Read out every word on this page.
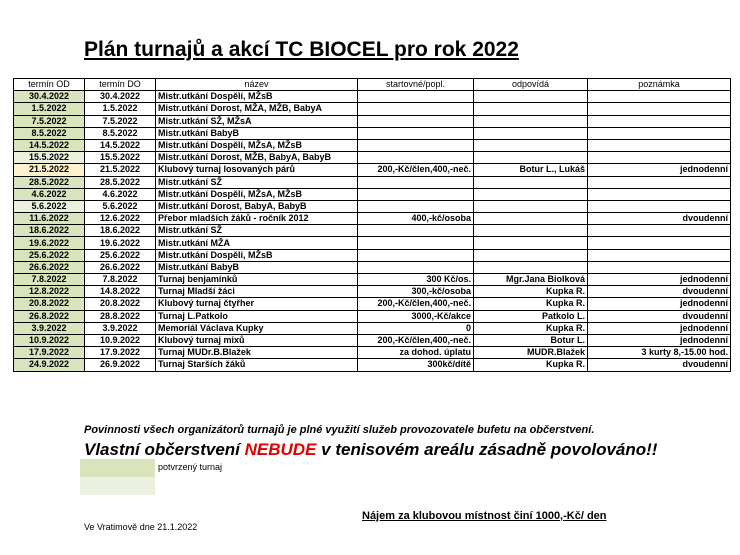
Plán turnajů a akcí TC BIOCEL pro rok 2022
termín OD	termín DO	název	startovné/popl.	odpovídá	poznámka
30.4.2022	30.4.2022	Mistr.utkání Dospělí, MŽsB			
1.5.2022	1.5.2022	Mistr.utkání Dorost, MŽA, MŽB, BabyA			
7.5.2022	7.5.2022	Mistr.utkání SŽ, MŽsA			
8.5.2022	8.5.2022	Mistr.utkání BabyB			
14.5.2022	14.5.2022	Mistr.utkání Dospělí, MŽsA, MŽsB			
15.5.2022	15.5.2022	Mistr.utkání Dorost, MŽB, BabyA, BabyB			
21.5.2022	21.5.2022	Klubový turnaj losovaných párů	200,-Kč/člen,400,-neč.	Botur L., Lukáš	jednodenní
28.5.2022	28.5.2022	Mistr.utkání SŽ			
4.6.2022	4.6.2022	Mistr.utkání Dospělí, MŽsA, MŽsB			
5.6.2022	5.6.2022	Mistr.utkání Dorost, BabyA, BabyB			
11.6.2022	12.6.2022	Přebor mladších žáků - ročník 2012	400,-kč/osoba		dvoudenní
18.6.2022	18.6.2022	Mistr.utkání SŽ			
19.6.2022	19.6.2022	Mistr.utkání MŽA			
25.6.2022	25.6.2022	Mistr.utkání Dospělí, MŽsB			
26.6.2022	26.6.2022	Mistr.utkání BabyB			
7.8.2022	7.8.2022	Turnaj benjamínků	300 Kč/os.	Mgr.Jana Biolková	jednodenní
12.8.2022	14.8.2022	Turnaj Mladší žáci	300,-kč/osoba	Kupka R.	dvoudenní
20.8.2022	20.8.2022	Klubový turnaj čtyřher	200,-Kč/člen,400,-neč.	Kupka R.	jednodenní
26.8.2022	28.8.2022	Turnaj L.Patkolo	3000,-Kč/akce	Patkolo L.	dvoudenní
3.9.2022	3.9.2022	Memoriál Václava Kupky	0	Kupka R.	jednodenní
10.9.2022	10.9.2022	Klubový turnaj mixů	200,-Kč/člen,400,-neč.	Botur L.	jednodenní
17.9.2022	17.9.2022	Turnaj MUDr.B.Blažek	za dohod. úplatu	MUDR.Blažek	3 kurty 8,-15.00 hod.
24.9.2022	26.9.2022	Turnaj Starších žáků	300kč/dítě	Kupka R.	dvoudenní
Povinnosti všech organizátorů turnajů je plné využití služeb provozovatele bufetu na občerstvení.
Vlastní občerstvení NEBUDE v tenisovém areálu zásadně povolováno!!
potvrzený turnaj
Nájem za klubovou místnost činí 1000,-Kč/ den
Ve Vratimově dne 21.1.2022
